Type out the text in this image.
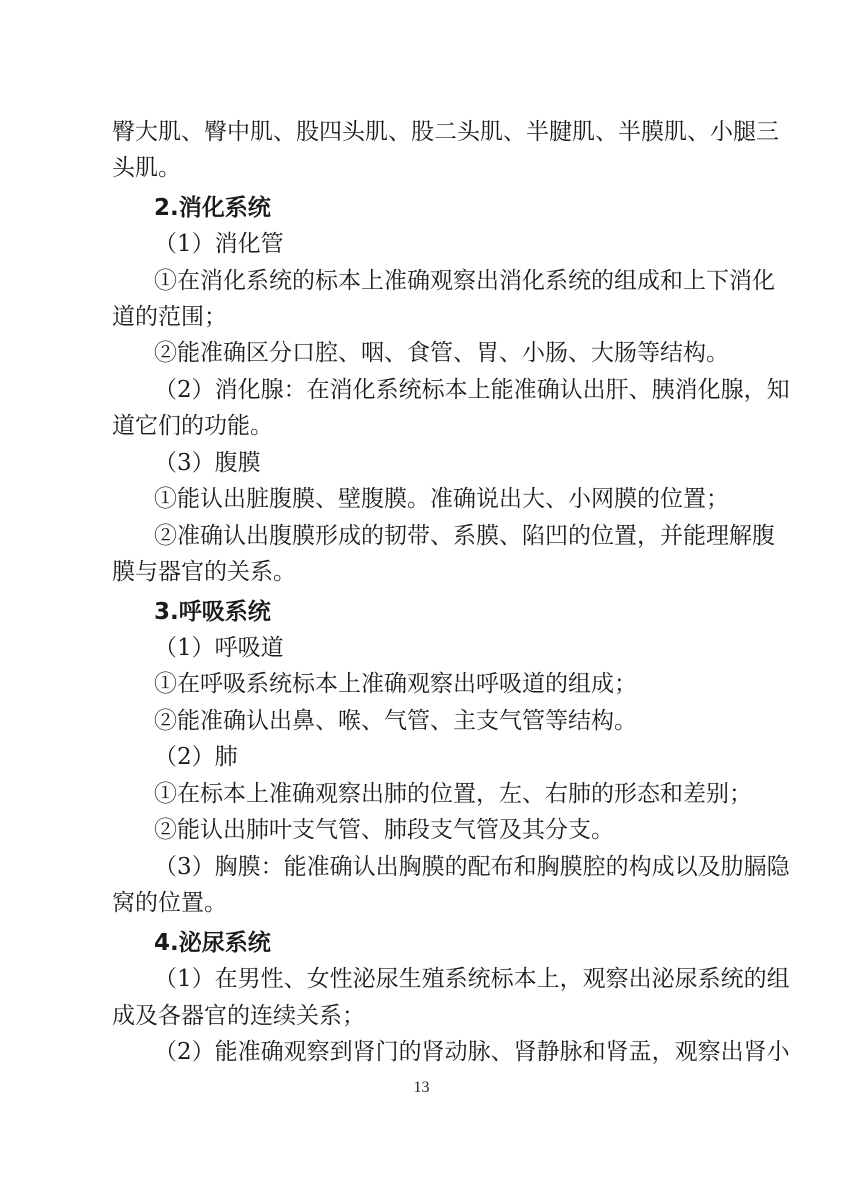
臀大肌、臀中肌、股四头肌、股二头肌、半腱肌、半膜肌、小腿三
头肌。
2.消化系统
（1）消化管
①在消化系统的标本上准确观察出消化系统的组成和上下消化
道的范围；
②能准确区分口腔、咽、食管、胃、小肠、大肠等结构。
（2）消化腺：在消化系统标本上能准确认出肝、胰消化腺，知
道它们的功能。
（3）腹膜
①能认出脏腹膜、壁腹膜。准确说出大、小网膜的位置；
②准确认出腹膜形成的韧带、系膜、陷凹的位置，并能理解腹
膜与器官的关系。
3.呼吸系统
（1）呼吸道
①在呼吸系统标本上准确观察出呼吸道的组成；
②能准确认出鼻、喉、气管、主支气管等结构。
（2）肺
①在标本上准确观察出肺的位置，左、右肺的形态和差别；
②能认出肺叶支气管、肺段支气管及其分支。
（3）胸膜：能准确认出胸膜的配布和胸膜腔的构成以及肋膈隐
窝的位置。
4.泌尿系统
（1）在男性、女性泌尿生殖系统标本上，观察出泌尿系统的组
成及各器官的连续关系；
（2）能准确观察到肾门的肾动脉、肾静脉和肾盂，观察出肾小
13
